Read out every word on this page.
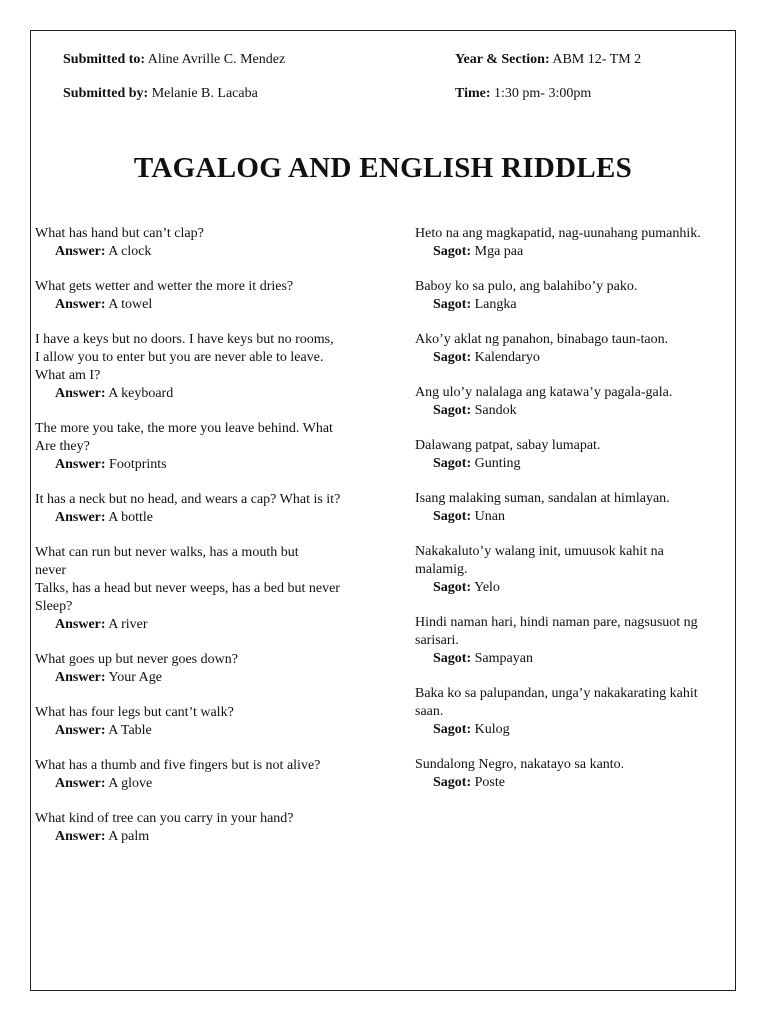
Submitted to: Aline Avrille C. Mendez
Submitted by: Melanie B. Lacaba
Year & Section: ABM 12- TM 2
Time: 1:30 pm- 3:00pm
TAGALOG AND ENGLISH RIDDLES
What has hand but can’t clap?
Answer: A clock
What gets wetter and wetter the more it dries?
Answer: A towel
I have a keys but no doors. I have keys but no rooms,
I allow you to enter but you are never able to leave.
What am I?
Answer: A keyboard
The more you take, the more you leave behind. What
Are they?
Answer: Footprints
It has a neck but no head, and wears a cap? What is it?
Answer: A bottle
What can run but never walks, has a mouth but
never
Talks, has a head but never weeps, has a bed but never
Sleep?
Answer: A river
What goes up but never goes down?
Answer: Your Age
What has four legs but cant’t walk?
Answer: A Table
What has a thumb and five fingers but is not alive?
Answer: A glove
What kind of tree can you carry in your hand?
Answer: A palm
Heto na ang magkapatid, nag-uunahang pumanhik.
Sagot: Mga paa
Baboy ko sa pulo, ang balahibo’y pako.
Sagot: Langka
Ako’y aklat ng panahon, binabago taun-taon.
Sagot: Kalendaryo
Ang ulo’y nalalaga ang katawa’y pagala-gala.
Sagot: Sandok
Dalawang patpat, sabay lumapat.
Sagot: Gunting
Isang malaking suman, sandalan at himlayan.
Sagot: Unan
Nakakaluto’y walang init, umuusok kahit na
malamig.
Sagot: Yelo
Hindi naman hari, hindi naman pare, nagsusuot ng
sarisari.
Sagot: Sampayan
Baka ko sa palupandan, unga’y nakakarating kahit
saan.
Sagot: Kulog
Sundalong Negro, nakatayo sa kanto.
Sagot: Poste
